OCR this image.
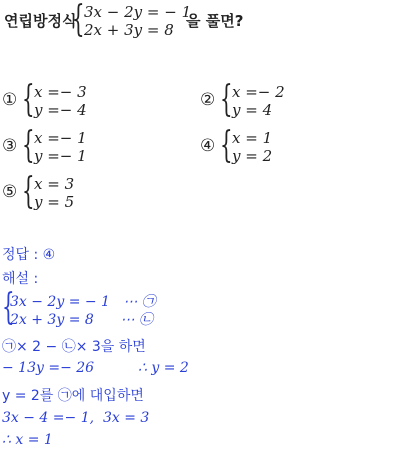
연립방정식
{ 3x − 2y = − 1
2x + 3y = 8 을 풀면?
① { x =− 3
y =− 4	② { x =− 2
y = 4
③ { x =− 1
y =− 1	④ { x = 1
y = 2
⑤ { x = 3
y = 5
정답 : ④
해설 :
{
3x − 2y = − 1   ⋯ ㉠
2x + 3y = 8      ⋯ ㉡
㉠× 2 − ㉡× 3을 하면
− 13y =− 26	∴ y = 2
y = 2를 ㉠에 대입하면
3x − 4 =− 1,  3x = 3
∴ x = 1
